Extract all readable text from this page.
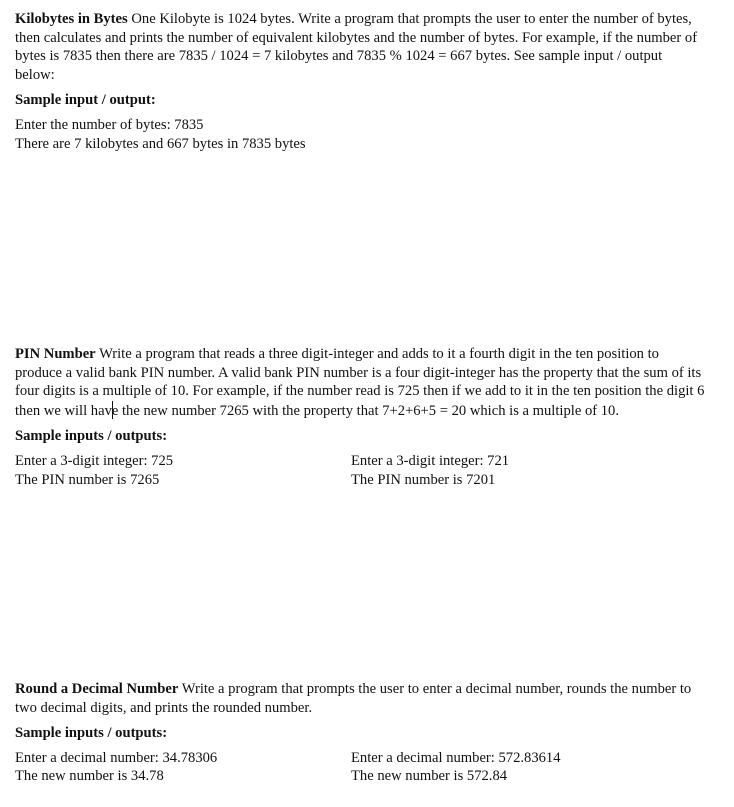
Kilobytes in Bytes One Kilobyte is 1024 bytes. Write a program that prompts the user to enter the number of bytes, then calculates and prints the number of equivalent kilobytes and the number of bytes. For example, if the number of bytes is 7835 then there are 7835 / 1024 = 7 kilobytes and 7835 % 1024 = 667 bytes. See sample input / output below:

Sample input / output:
Enter the number of bytes: 7835
There are 7 kilobytes and 667 bytes in 7835 bytes

PIN Number Write a program that reads a three digit-integer and adds to it a fourth digit in the ten position to produce a valid bank PIN number. A valid bank PIN number is a four digit-integer has the property that the sum of its four digits is a multiple of 10. For example, if the number read is 725 then if we add to it in the ten position the digit 6 then we will have the new number 7265 with the property that 7+2+6+5 = 20 which is a multiple of 10.

Sample inputs / outputs:
Enter a 3-digit integer: 725
The PIN number is 7265
Enter a 3-digit integer: 721
The PIN number is 7201

Round a Decimal Number Write a program that prompts the user to enter a decimal number, rounds the number to two decimal digits, and prints the rounded number.

Sample inputs / outputs:
Enter a decimal number: 34.78306
The new number is 34.78
Enter a decimal number: 572.83614
The new number is 572.84
